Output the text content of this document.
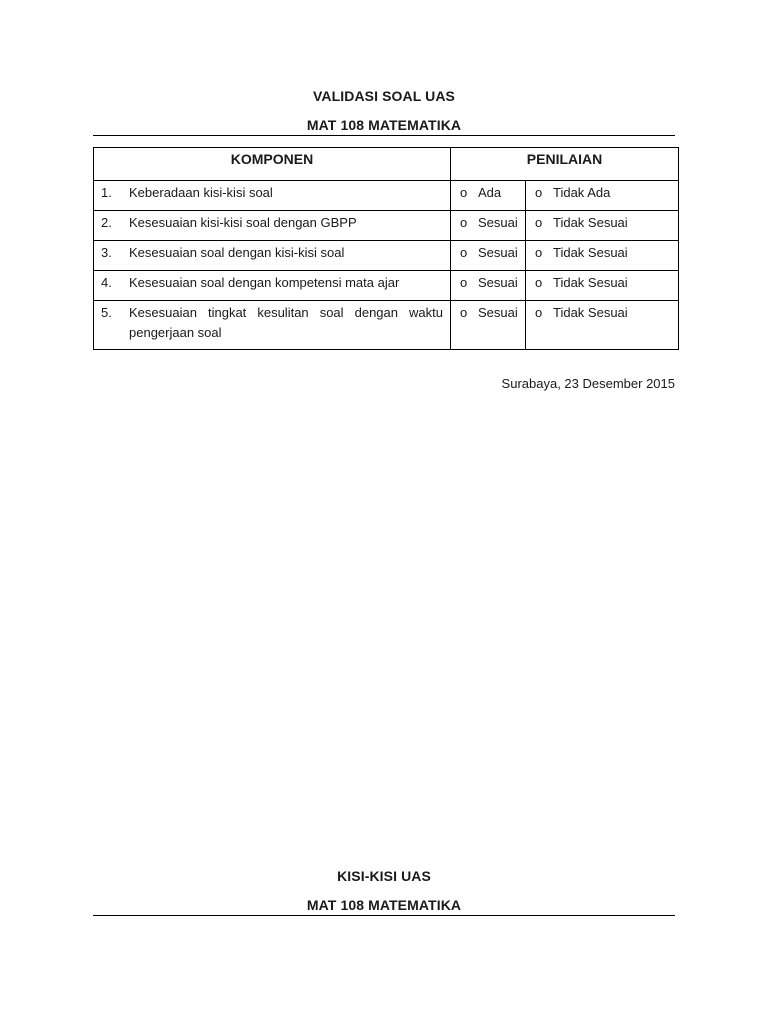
VALIDASI SOAL UAS
MAT 108 MATEMATIKA
KOMPONEN	PENILAIAN	

1. Keberadaan kisi-kisi soal	o Ada	o Tidak Ada

2. Kesesuaian kisi-kisi soal dengan GBPP	o Sesuai	o Tidak Sesuai

3. Kesesuaian soal dengan kisi-kisi soal	o Sesuai	o Tidak Sesuai

4. Kesesuaian soal dengan kompetensi mata ajar	o Sesuai	o Tidak Sesuai

5. Kesesuaian tingkat kesulitan soal dengan waktu pengerjaan soal	o Sesuai	o Tidak Sesuai
Surabaya, 23 Desember 2015
KISI-KISI UAS
MAT 108 MATEMATIKA
